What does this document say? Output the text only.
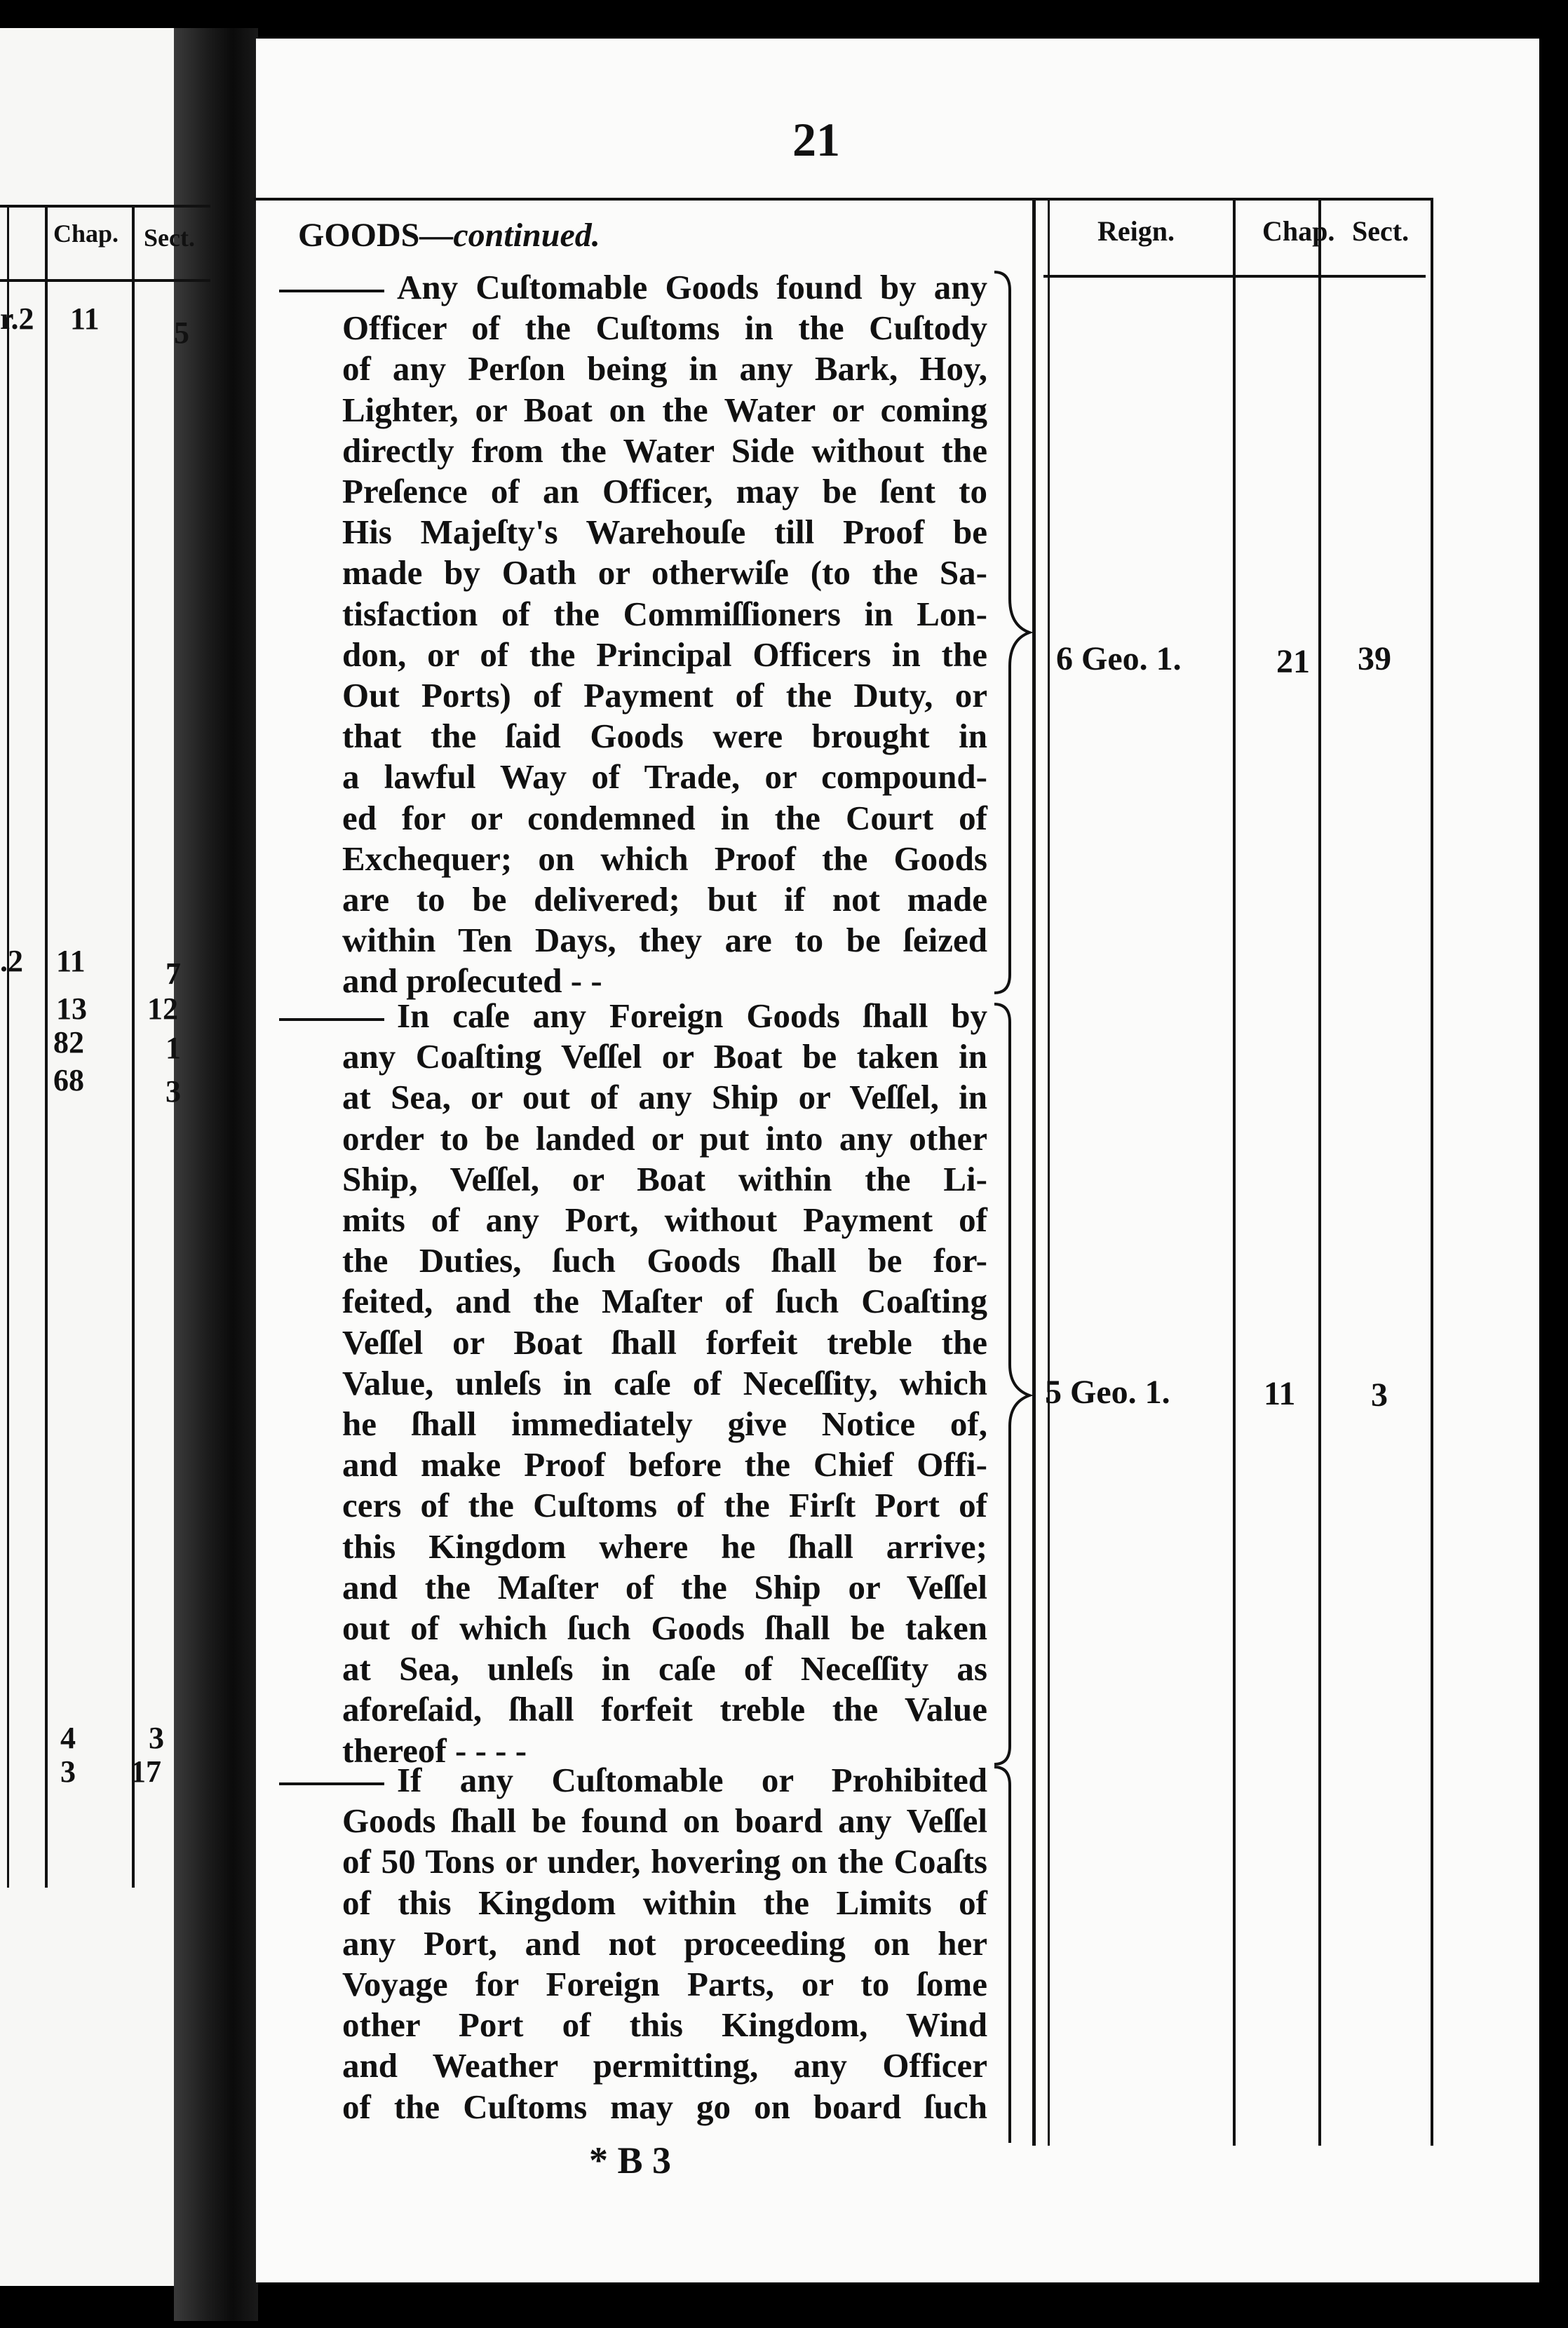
Chap. Sect.
r.2 11 5
.2 11	7
13 12
82	1
68	3
4 3
3 17
21
Reign.	Chap. Sect.
GOODS—continued.
Any Cuſtomable Goods found by any
Officer of the Cuſtoms in the Cuſtody
of any Perſon being in any Bark, Hoy,
Lighter, or Boat on the Water or coming
directly from the Water Side without the
Preſence of an Officer, may be ſent to
His Majeſty's Warehouſe till Proof be
made by Oath or otherwiſe (to the Sa-
tisfaction of the Commiſſioners in Lon-
don, or of the Principal Officers in the
Out Ports) of Payment of the Duty, or
that the ſaid Goods were brought in
a lawful Way of Trade, or compound-
ed for or condemned in the Court of
Exchequer; on which Proof the Goods
are to be delivered; but if not made
within Ten Days, they are to be ſeized
and proſecuted - -
6 Geo. 1.	21 39
In caſe any Foreign Goods ſhall by
any Coaſting Veſſel or Boat be taken in
at Sea, or out of any Ship or Veſſel, in
order to be landed or put into any other
Ship, Veſſel, or Boat within the Li-
mits of any Port, without Payment of
the Duties, ſuch Goods ſhall be for-
feited, and the Maſter of ſuch Coaſting
Veſſel or Boat ſhall forfeit treble the
Value, unleſs in caſe of Neceſſity, which
he ſhall immediately give Notice of,
and make Proof before the Chief Offi-
cers of the Cuſtoms of the Firſt Port of
this Kingdom where he ſhall arrive;
and the Maſter of the Ship or Veſſel
out of which ſuch Goods ſhall be taken
at Sea, unleſs in caſe of Neceſſity as
aforeſaid, ſhall forfeit treble the Value
thereof - - - -
5 Geo. 1.	11 3
If any Cuſtomable or Prohibited
Goods ſhall be found on board any Veſſel
of 50 Tons or under, hovering on the Coaſts
of this Kingdom within the Limits of
any Port, and not proceeding on her
Voyage for Foreign Parts, or to ſome
other Port of this Kingdom, Wind
and Weather permitting, any Officer
of the Cuſtoms may go on board ſuch
* B 3
